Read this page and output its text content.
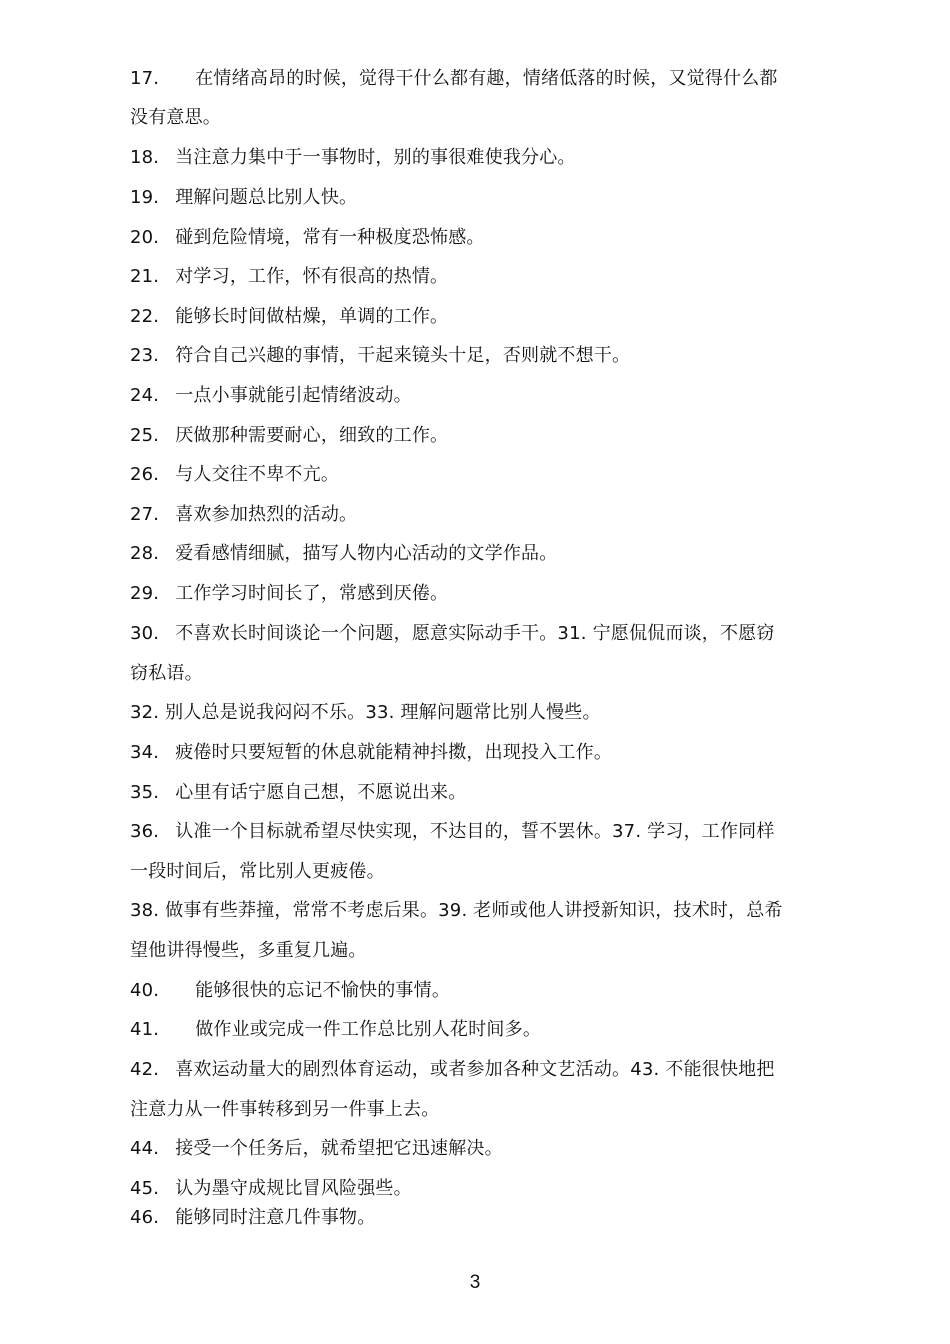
17. 在情绪高昂的时候，觉得干什么都有趣，情绪低落的时候，又觉得什么都
没有意思。
18. 当注意力集中于一事物时，别的事很难使我分心。
19. 理解问题总比别人快。
20. 碰到危险情境，常有一种极度恐怖感。
21. 对学习，工作，怀有很高的热情。
22. 能够长时间做枯燥，单调的工作。
23. 符合自己兴趣的事情，干起来镜头十足，否则就不想干。
24. 一点小事就能引起情绪波动。
25. 厌做那种需要耐心，细致的工作。
26. 与人交往不卑不亢。
27. 喜欢参加热烈的活动。
28. 爱看感情细腻，描写人物内心活动的文学作品。
29. 工作学习时间长了，常感到厌倦。
30. 不喜欢长时间谈论一个问题，愿意实际动手干。31. 宁愿侃侃而谈，不愿窃
窃私语。
32. 别人总是说我闷闷不乐。33. 理解问题常比别人慢些。
34. 疲倦时只要短暂的休息就能精神抖擞，出现投入工作。
35. 心里有话宁愿自己想，不愿说出来。
36. 认准一个目标就希望尽快实现，不达目的，誓不罢休。37. 学习，工作同样
一段时间后，常比别人更疲倦。
38. 做事有些莽撞，常常不考虑后果。39. 老师或他人讲授新知识，技术时，总希
望他讲得慢些，多重复几遍。
40. 能够很快的忘记不愉快的事情。
41. 做作业或完成一件工作总比别人花时间多。
42. 喜欢运动量大的剧烈体育运动，或者参加各种文艺活动。43. 不能很快地把
注意力从一件事转移到另一件事上去。
44. 接受一个任务后，就希望把它迅速解决。
45. 认为墨守成规比冒风险强些。
46. 能够同时注意几件事物。
3
